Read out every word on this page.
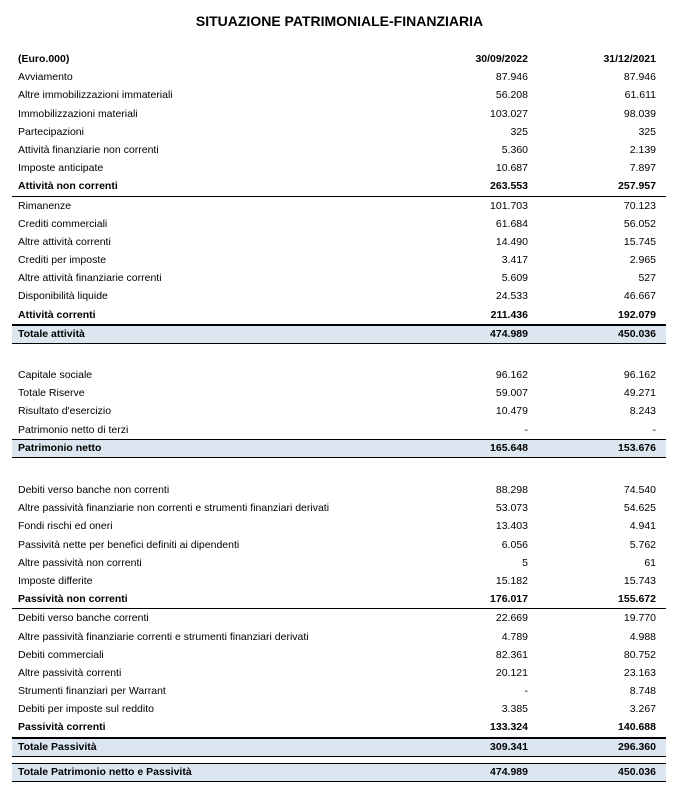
SITUAZIONE PATRIMONIALE-FINANZIARIA
(Euro.000)	30/09/2022	31/12/2021
Avviamento	87.946	87.946
Altre immobilizzazioni immateriali	56.208	61.611
Immobilizzazioni materiali	103.027	98.039
Partecipazioni	325	325
Attività finanziarie non correnti	5.360	2.139
Imposte anticipate	10.687	7.897
Attività non correnti	263.553	257.957
Rimanenze	101.703	70.123
Crediti commerciali	61.684	56.052
Altre attività correnti	14.490	15.745
Crediti per imposte	3.417	2.965
Altre attività finanziarie correnti	5.609	527
Disponibilità liquide	24.533	46.667
Attività correnti	211.436	192.079
Totale attività	474.989	450.036
Capitale sociale	96.162	96.162
Totale Riserve	59.007	49.271
Risultato d'esercizio	10.479	8.243
Patrimonio netto di terzi	-	-
Patrimonio netto	165.648	153.676
Debiti verso banche non correnti	88.298	74.540
Altre passività finanziarie non correnti e strumenti finanziari derivati	53.073	54.625
Fondi rischi ed oneri	13.403	4.941
Passività nette per benefici definiti ai dipendenti	6.056	5.762
Altre passività non correnti	5	61
Imposte differite	15.182	15.743
Passività non correnti	176.017	155.672
Debiti verso banche correnti	22.669	19.770
Altre passività finanziarie correnti e strumenti finanziari derivati	4.789	4.988
Debiti commerciali	82.361	80.752
Altre passività correnti	20.121	23.163
Strumenti finanziari per Warrant	-	8.748
Debiti per imposte sul reddito	3.385	3.267
Passività correnti	133.324	140.688
Totale Passività	309.341	296.360
Totale Patrimonio netto e Passività	474.989	450.036
